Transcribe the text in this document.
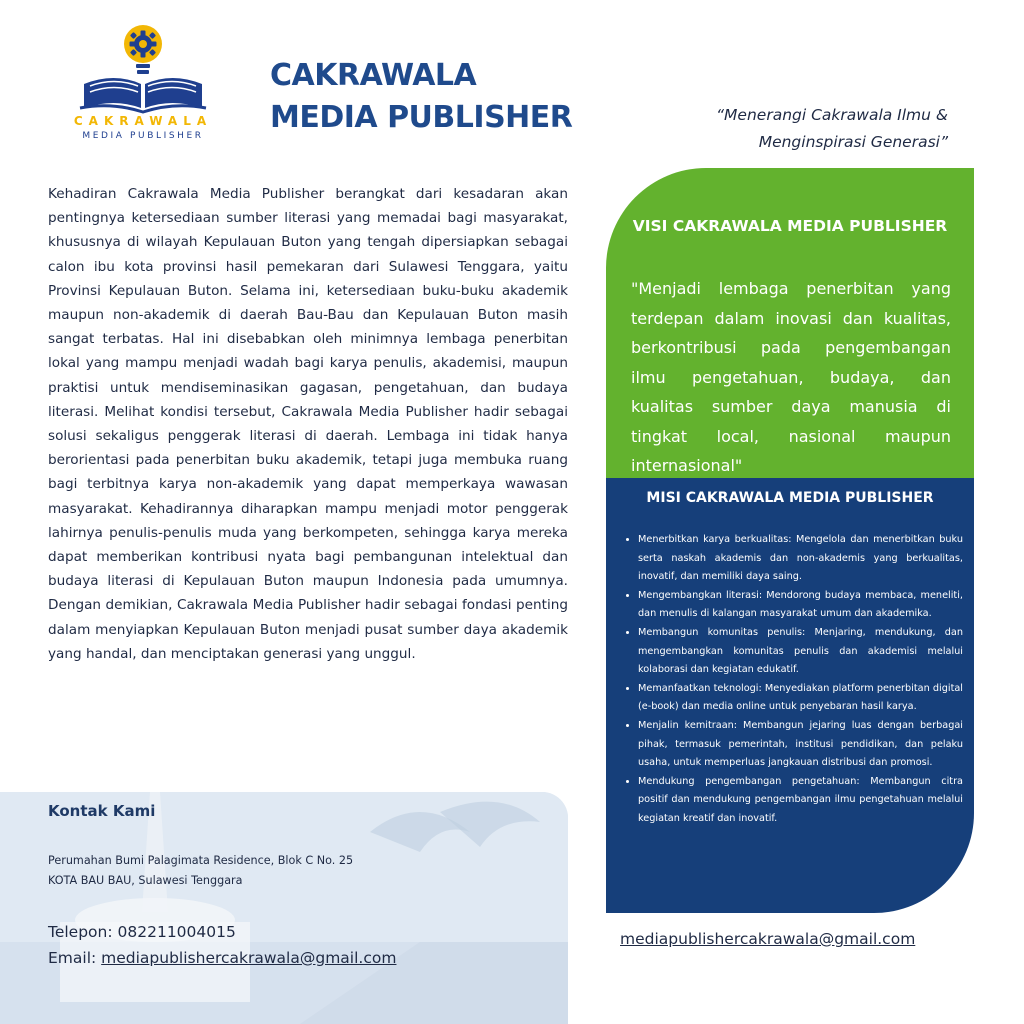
CAKRAWALA
MEDIA PUBLISHER
CAKRAWALA
MEDIA PUBLISHER	“Menerangi Cakrawala Ilmu &
Menginspirasi Generasi”
Kehadiran Cakrawala Media Publisher berangkat dari kesadaran akan pentingnya ketersediaan sumber literasi yang memadai bagi masyarakat, khususnya di wilayah Kepulauan Buton yang tengah dipersiapkan sebagai calon ibu kota provinsi hasil pemekaran dari Sulawesi Tenggara, yaitu Provinsi Kepulauan Buton. Selama ini, ketersediaan buku-buku akademik maupun non-akademik di daerah Bau-Bau dan Kepulauan Buton masih sangat terbatas. Hal ini disebabkan oleh minimnya lembaga penerbitan lokal yang mampu menjadi wadah bagi karya penulis, akademisi, maupun praktisi untuk mendiseminasikan gagasan, pengetahuan, dan budaya literasi. Melihat kondisi tersebut, Cakrawala Media Publisher hadir sebagai solusi sekaligus penggerak literasi di daerah. Lembaga ini tidak hanya berorientasi pada penerbitan buku akademik, tetapi juga membuka ruang bagi terbitnya karya non-akademik yang dapat memperkaya wawasan masyarakat. Kehadirannya diharapkan mampu menjadi motor penggerak lahirnya penulis-penulis muda yang berkompeten, sehingga karya mereka dapat memberikan kontribusi nyata bagi pembangunan intelektual dan budaya literasi di Kepulauan Buton maupun Indonesia pada umumnya. Dengan demikian, Cakrawala Media Publisher hadir sebagai fondasi penting dalam menyiapkan Kepulauan Buton menjadi pusat sumber daya akademik yang handal, dan menciptakan generasi yang unggul.
Kontak Kami
Perumahan Bumi Palagimata Residence, Blok C No. 25
KOTA BAU BAU, Sulawesi Tenggara
Telepon: 082211004015
Email: mediapublishercakrawala@gmail.com
VISI CAKRAWALA MEDIA PUBLISHER
"Menjadi lembaga penerbitan yang terdepan dalam inovasi dan kualitas, berkontribusi pada pengembangan ilmu pengetahuan, budaya, dan kualitas sumber daya manusia di tingkat local, nasional maupun internasional"
MISI CAKRAWALA MEDIA PUBLISHER
• Menerbitkan karya berkualitas: Mengelola dan menerbitkan buku serta naskah akademis dan non-akademis yang berkualitas, inovatif, dan memiliki daya saing.
• Mengembangkan literasi: Mendorong budaya membaca, meneliti, dan menulis di kalangan masyarakat umum dan akademika.
• Membangun komunitas penulis: Menjaring, mendukung, dan mengembangkan komunitas penulis dan akademisi melalui kolaborasi dan kegiatan edukatif.
• Memanfaatkan teknologi: Menyediakan platform penerbitan digital (e-book) dan media online untuk penyebaran hasil karya.
• Menjalin kemitraan: Membangun jejaring luas dengan berbagai pihak, termasuk pemerintah, institusi pendidikan, dan pelaku usaha, untuk memperluas jangkauan distribusi dan promosi.
• Mendukung pengembangan pengetahuan: Membangun citra positif dan mendukung pengembangan ilmu pengetahuan melalui kegiatan kreatif dan inovatif.
mediapublishercakrawala@gmail.com
